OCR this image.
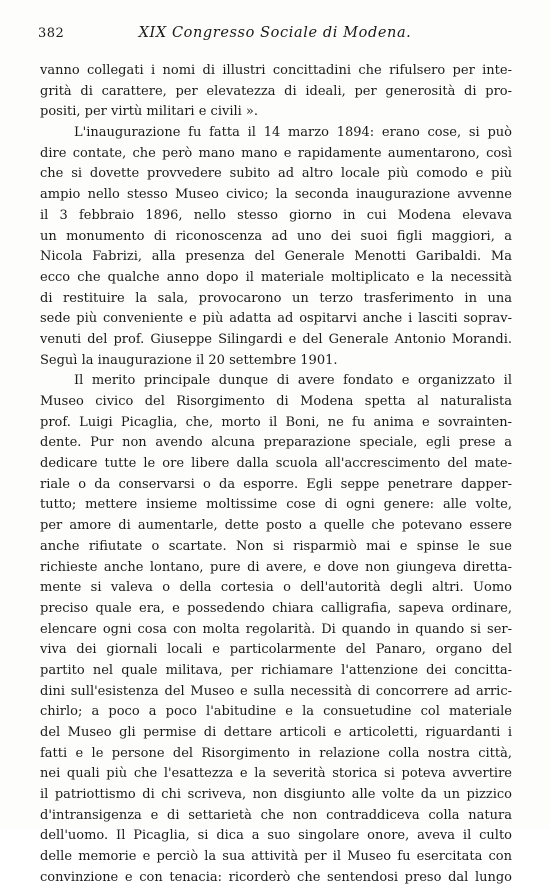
382	XIX Congresso Sociale di Modena.
vanno collegati i nomi di illustri concittadini che rifulsero per inte-
grità di carattere, per elevatezza di ideali, per generosità di pro-
positi, per virtù militari e civili ».
L'inaugurazione fu fatta il 14 marzo 1894: erano cose, si può
dire contate, che però mano mano e rapidamente aumentarono, così
che si dovette provvedere subito ad altro locale più comodo e più
ampio nello stesso Museo civico; la seconda inaugurazione avvenne
il 3 febbraio 1896, nello stesso giorno in cui Modena elevava
un monumento di riconoscenza ad uno dei suoi figli maggiori, a
Nicola Fabrizi, alla presenza del Generale Menotti Garibaldi. Ma
ecco che qualche anno dopo il materiale moltiplicato e la necessità
di restituire la sala, provocarono un terzo trasferimento in una
sede più conveniente e più adatta ad ospitarvi anche i lasciti soprav-
venuti del prof. Giuseppe Silingardi e del Generale Antonio Morandi.
Seguì la inaugurazione il 20 settembre 1901.
Il merito principale dunque di avere fondato e organizzato il
Museo civico del Risorgimento di Modena spetta al naturalista
prof. Luigi Picaglia, che, morto il Boni, ne fu anima e sovrainten-
dente. Pur non avendo alcuna preparazione speciale, egli prese a
dedicare tutte le ore libere dalla scuola all'accrescimento del mate-
riale o da conservarsi o da esporre. Egli seppe penetrare dapper-
tutto; mettere insieme moltissime cose di ogni genere: alle volte,
per amore di aumentarle, dette posto a quelle che potevano essere
anche rifiutate o scartate. Non si risparmiò mai e spinse le sue
richieste anche lontano, pure di avere, e dove non giungeva diretta-
mente si valeva o della cortesia o dell'autorità degli altri. Uomo
preciso quale era, e possedendo chiara calligrafia, sapeva ordinare,
elencare ogni cosa con molta regolarità. Di quando in quando si ser-
viva dei giornali locali e particolarmente del Panaro, organo del
partito nel quale militava, per richiamare l'attenzione dei concitta-
dini sull'esistenza del Museo e sulla necessità di concorrere ad arric-
chirlo; a poco a poco l'abitudine e la consuetudine col materiale
del Museo gli permise di dettare articoli e articoletti, riguardanti i
fatti e le persone del Risorgimento in relazione colla nostra città,
nei quali più che l'esattezza e la severità storica si poteva avvertire
il patriottismo di chi scriveva, non disgiunto alle volte da un pizzico
d'intransigenza e di settarietà che non contraddiceva colla natura
dell'uomo. Il Picaglia, si dica a suo singolare onore, aveva il culto
delle memorie e perciò la sua attività per il Museo fu esercitata con
convinzione e con tenacia: ricorderò che sentendosi preso dal lungo
